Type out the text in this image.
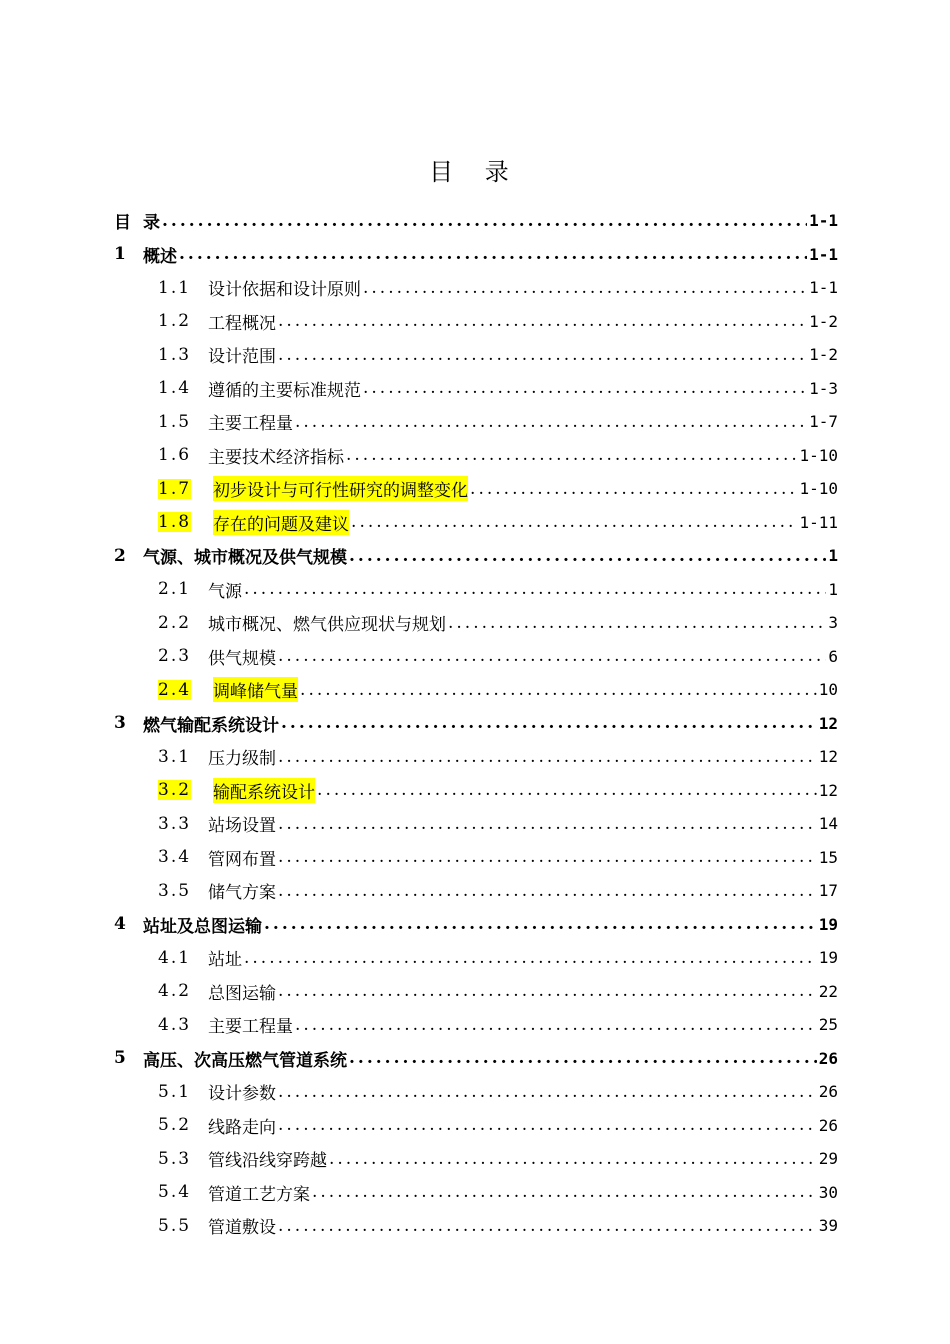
目 录
目 录 .....	1-1
1	概述 .....	1-1
1.1 设计依据和设计原则 .....	1-1
1.2 工程概况 .....	1-2
1.3 设计范围 .....	1-2
1.4 遵循的主要标准规范 .....	1-3
1.5 主要工程量 .....	1-7
1.6 主要技术经济指标 .....	1-10
1.7 初步设计与可行性研究的调整变化 .....	1-10
1.8 存在的问题及建议 .....	1-11
2	气源、城市概况及供气规模 .....	1
2.1 气源 .....	1
2.2 城市概况、燃气供应现状与规划 .....	3
2.3 供气规模 .....	6
2.4 调峰储气量 .....	10
3	燃气输配系统设计 .....	12
3.1 压力级制 .....	12
3.2 输配系统设计 .....	12
3.3 站场设置 .....	14
3.4 管网布置 .....	15
3.5 储气方案 .....	17
4	站址及总图运输 .....	19
4.1 站址 .....	19
4.2 总图运输 .....	22
4.3 主要工程量 .....	25
5	高压、次高压燃气管道系统 .....	26
5.1 设计参数 .....	26
5.2 线路走向 .....	26
5.3 管线沿线穿跨越 .....	29
5.4 管道工艺方案 .....	30
5.5 管道敷设 .....	39
